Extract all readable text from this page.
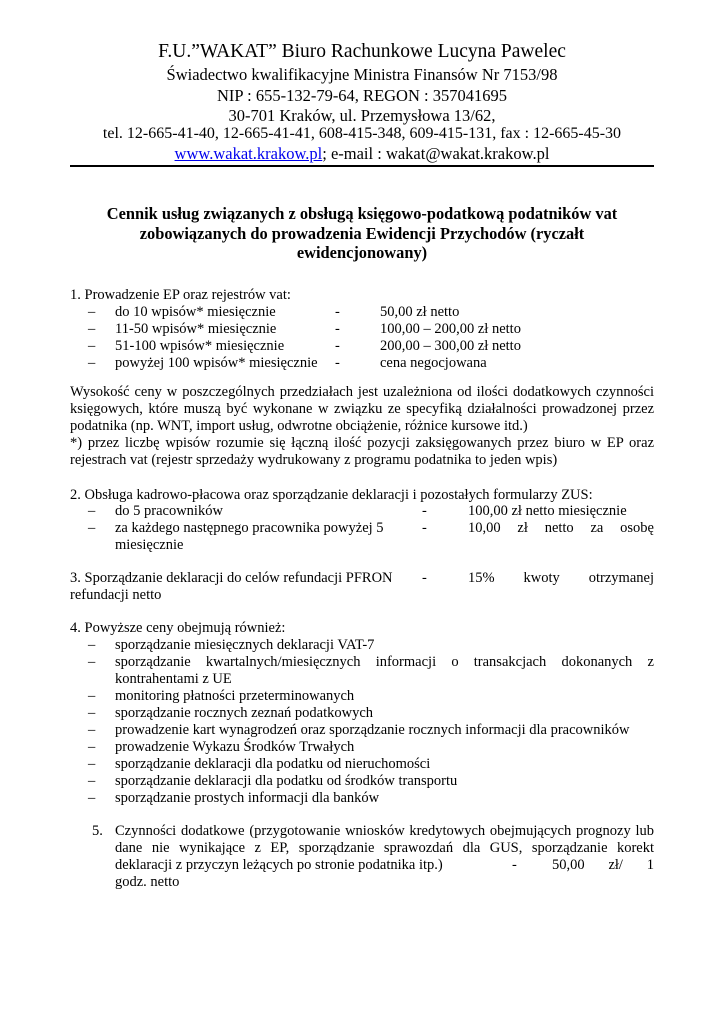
F.U.”WAKAT” Biuro Rachunkowe Lucyna Pawelec
Świadectwo kwalifikacyjne Ministra Finansów Nr 7153/98
NIP : 655-132-79-64, REGON : 357041695
30-701 Kraków, ul. Przemysłowa 13/62,
tel. 12-665-41-40, 12-665-41-41, 608-415-348, 609-415-131, fax : 12-665-45-30
www.wakat.krakow.pl; e-mail : wakat@wakat.krakow.pl
Cennik usług związanych z obsługą księgowo-podatkową podatników vat zobowiązanych do prowadzenia Ewidencji Przychodów (ryczałt ewidencjonowany)
1. Prowadzenie EP oraz rejestrów vat:
– do 10 wpisów* miesięcznie	-	50,00 zł netto
– 11-50 wpisów* miesięcznie	-	100,00 – 200,00 zł netto
– 51-100 wpisów* miesięcznie	-	200,00 – 300,00 zł netto
– powyżej 100 wpisów* miesięcznie -	cena negocjowana
Wysokość ceny w poszczególnych przedziałach jest uzależniona od ilości dodatkowych czynności księgowych, które muszą być wykonane w związku ze specyfiką działalności prowadzonej przez podatnika (np. WNT, import usług, odwrotne obciążenie, różnice kursowe itd.)
*) przez liczbę wpisów rozumie się łączną ilość pozycji zaksięgowanych przez biuro w EP oraz rejestrach vat (rejestr sprzedaży wydrukowany z programu podatnika to jeden wpis)
2. Obsługa kadrowo-płacowa oraz sporządzanie deklaracji i pozostałych formularzy ZUS:
– do 5 pracowników	-	100,00 zł netto miesięcznie
– za każdego następnego pracownika powyżej 5	-	10,00 zł netto za osobę
miesięcznie
3. Sporządzanie deklaracji do celów refundacji PFRON -	15% kwoty otrzymanej
refundacji netto
4. Powyższe ceny obejmują również:
– sporządzanie miesięcznych deklaracji VAT-7
– sporządzanie kwartalnych/miesięcznych informacji o transakcjach dokonanych z
kontrahentami z UE
– monitoring płatności przeterminowanych
– sporządzanie rocznych zeznań podatkowych
– prowadzenie kart wynagrodzeń oraz sporządzanie rocznych informacji dla pracowników
– prowadzenie Wykazu Środków Trwałych
– sporządzanie deklaracji dla podatku od nieruchomości
– sporządzanie deklaracji dla podatku od środków transportu
– sporządzanie prostych informacji dla banków
5. Czynności dodatkowe (przygotowanie wniosków kredytowych obejmujących prognozy lub
dane nie wynikające z EP, sporządzanie sprawozdań dla GUS, sporządzanie korekt
deklaracji z przyczyn leżących po stronie podatnika itp.)	- 50,00 zł/ 1
godz. netto
